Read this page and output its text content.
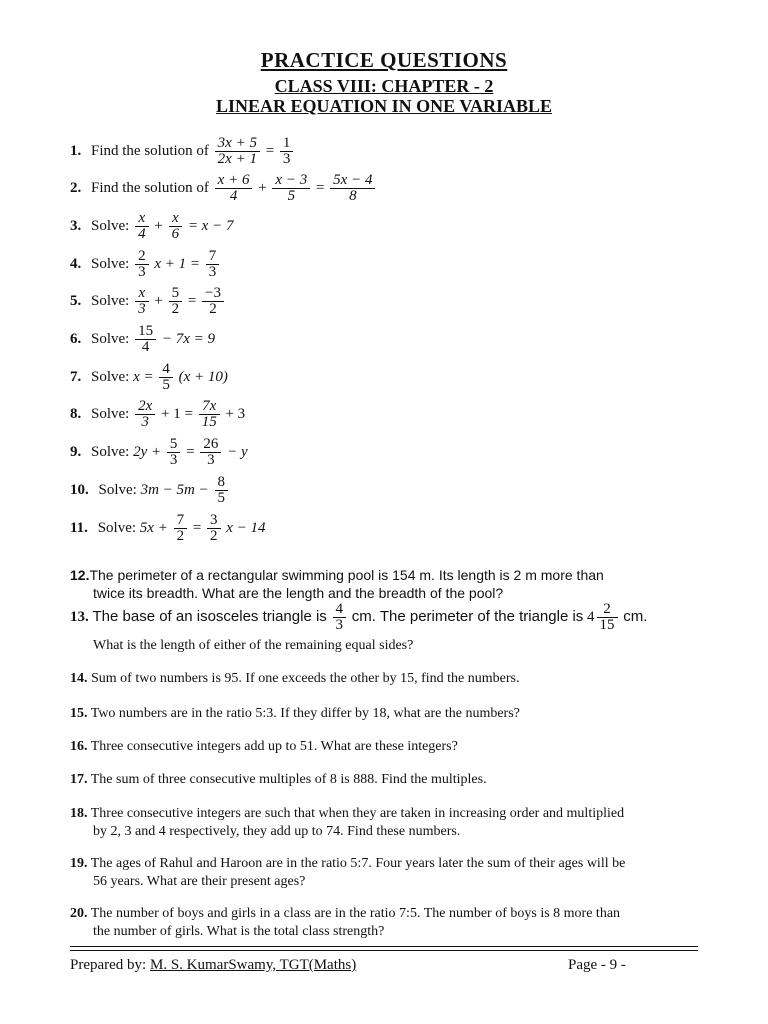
PRACTICE QUESTIONS
CLASS VIII: CHAPTER - 2
LINEAR EQUATION IN ONE VARIABLE
1. Find the solution of $\frac{3x + 5}{2x + 1} = \frac{1}{3}$
2. Find the solution of $\frac{x + 6}{4} + \frac{x - 3}{5} = \frac{5x - 4}{8}$
3. Solve: $\frac{x}{4} + \frac{x}{6} = x - 7$
4. Solve: $\frac{2}{3}$ $x + 1 = \frac{7}{3}$
5. Solve: $\frac{x}{3} + \frac{5}{2} = \frac{-3}{2}$
6. Solve: $\frac{15}{4} - 7x = 9$
7. Solve: $x = \frac{4}{5} (x + 10)$
8. Solve: $\frac{2x}{3} + 1 = \frac{7x}{15} + 3$
9. Solve: $2y + \frac{5}{3} = \frac{26}{3} - y$
10. Solve: $3m - 5m - \frac{8}{5}$
11. Solve: $5x + \frac{7}{2} = \frac{3}{2}$ x − 14
12.The perimeter of a rectangular swimming pool is 154 m. Its length is 2 m more than
twice its breadth. What are the length and the breadth of the pool?
13. The base of an isosceles triangle is $\frac{4}{3}$ cm. The perimeter of the triangle is $4 \frac{2}{15}$ cm.
What is the length of either of the remaining equal sides?
14. Sum of two numbers is 95. If one exceeds the other by 15, find the numbers.
15. Two numbers are in the ratio 5:3. If they differ by 18, what are the numbers?
16. Three consecutive integers add up to 51. What are these integers?
17. The sum of three consecutive multiples of 8 is 888. Find the multiples.
18. Three consecutive integers are such that when they are taken in increasing order and multiplied
by 2, 3 and 4 respectively, they add up to 74. Find these numbers.
19. The ages of Rahul and Haroon are in the ratio 5:7. Four years later the sum of their ages will be
56 years. What are their present ages?
20. The number of boys and girls in a class are in the ratio 7:5. The number of boys is 8 more than
the number of girls. What is the total class strength?
Prepared by: M. S. KumarSwamy, TGT(Maths)	Page - 9 -
